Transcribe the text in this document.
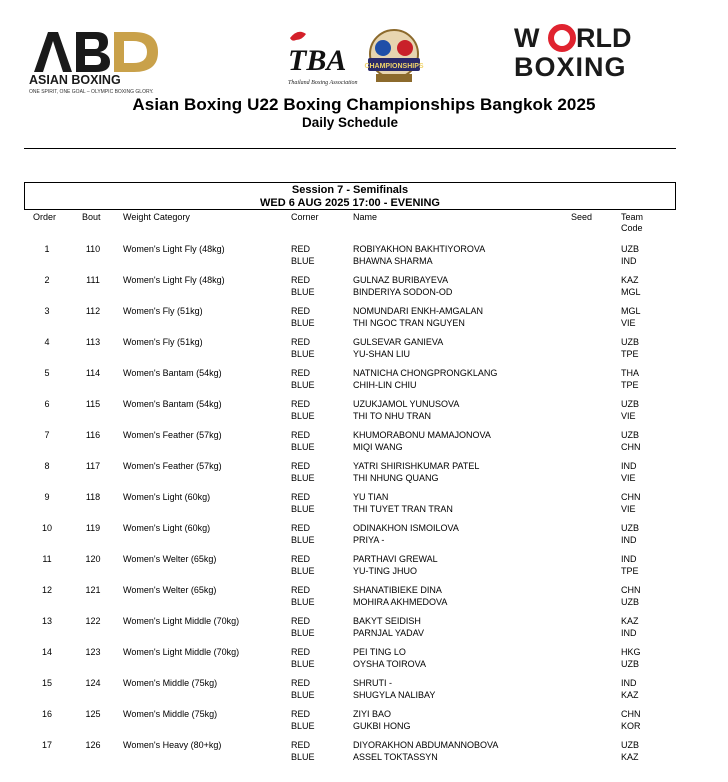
ASIAN BOXING
ONE SPIRIT, ONE GOAL – OLYMPIC BOXING GLORY.
TBA
Thailand Boxing Association
CHAMPIONSHIPS
W RLD
BOXING
Asian Boxing U22 Boxing Championships Bangkok 2025
Daily Schedule
Session 7 - Semifinals
WED 6 AUG 2025 17:00 - EVENING
Order	Bout Weight Category	Corner	Name	Seed	Team
Code
1	110	Women's Light Fly (48kg)	RED	ROBIYAKHON BAKHTIYOROVA	UZB
BLUE	BHAWNA SHARMA	IND
2	111	Women's Light Fly (48kg)	RED	GULNAZ BURIBAYEVA	KAZ
BLUE	BINDERIYA SODON-OD	MGL
3	112	Women's Fly (51kg)	RED	NOMUNDARI ENKH-AMGALAN	MGL
BLUE	THI NGOC TRAN NGUYEN	VIE
4	113	Women's Fly (51kg)	RED	GULSEVAR GANIEVA	UZB
BLUE	YU-SHAN LIU	TPE
5	114	Women's Bantam (54kg)	RED	NATNICHA CHONGPRONGKLANG	THA
BLUE	CHIH-LIN CHIU	TPE
6	115	Women's Bantam (54kg)	RED	UZUKJAMOL YUNUSOVA	UZB
BLUE	THI TO NHU TRAN	VIE
7	116	Women's Feather (57kg)	RED	KHUMORABONU MAMAJONOVA	UZB
BLUE	MIQI WANG	CHN
8	117	Women's Feather (57kg)	RED	YATRI SHIRISHKUMAR PATEL	IND
BLUE	THI NHUNG QUANG	VIE
9	118	Women's Light (60kg)	RED	YU TIAN	CHN
BLUE	THI TUYET TRAN TRAN	VIE
10	119	Women's Light (60kg)	RED	ODINAKHON ISMOILOVA	UZB
BLUE	PRIYA -	IND
11	120	Women's Welter (65kg)	RED	PARTHAVI GREWAL	IND
BLUE	YU-TING JHUO	TPE
12	121	Women's Welter (65kg)	RED	SHANATIBIEKE DINA	CHN
BLUE	MOHIRA AKHMEDOVA	UZB
13	122	Women's Light Middle (70kg)	RED	BAKYT SEIDISH	KAZ
BLUE	PARNJAL YADAV	IND
14	123	Women's Light Middle (70kg)	RED	PEI TING LO	HKG
BLUE	OYSHA TOIROVA	UZB
15	124	Women's Middle (75kg)	RED	SHRUTI -	IND
BLUE	SHUGYLA NALIBAY	KAZ
16	125	Women's Middle (75kg)	RED	ZIYI BAO	CHN
BLUE	GUKBI HONG	KOR
17	126	Women's Heavy (80+kg)	RED	DIYORAKHON ABDUMANNOBOVA	UZB
BLUE	ASSEL TOKTASSYN	KAZ
